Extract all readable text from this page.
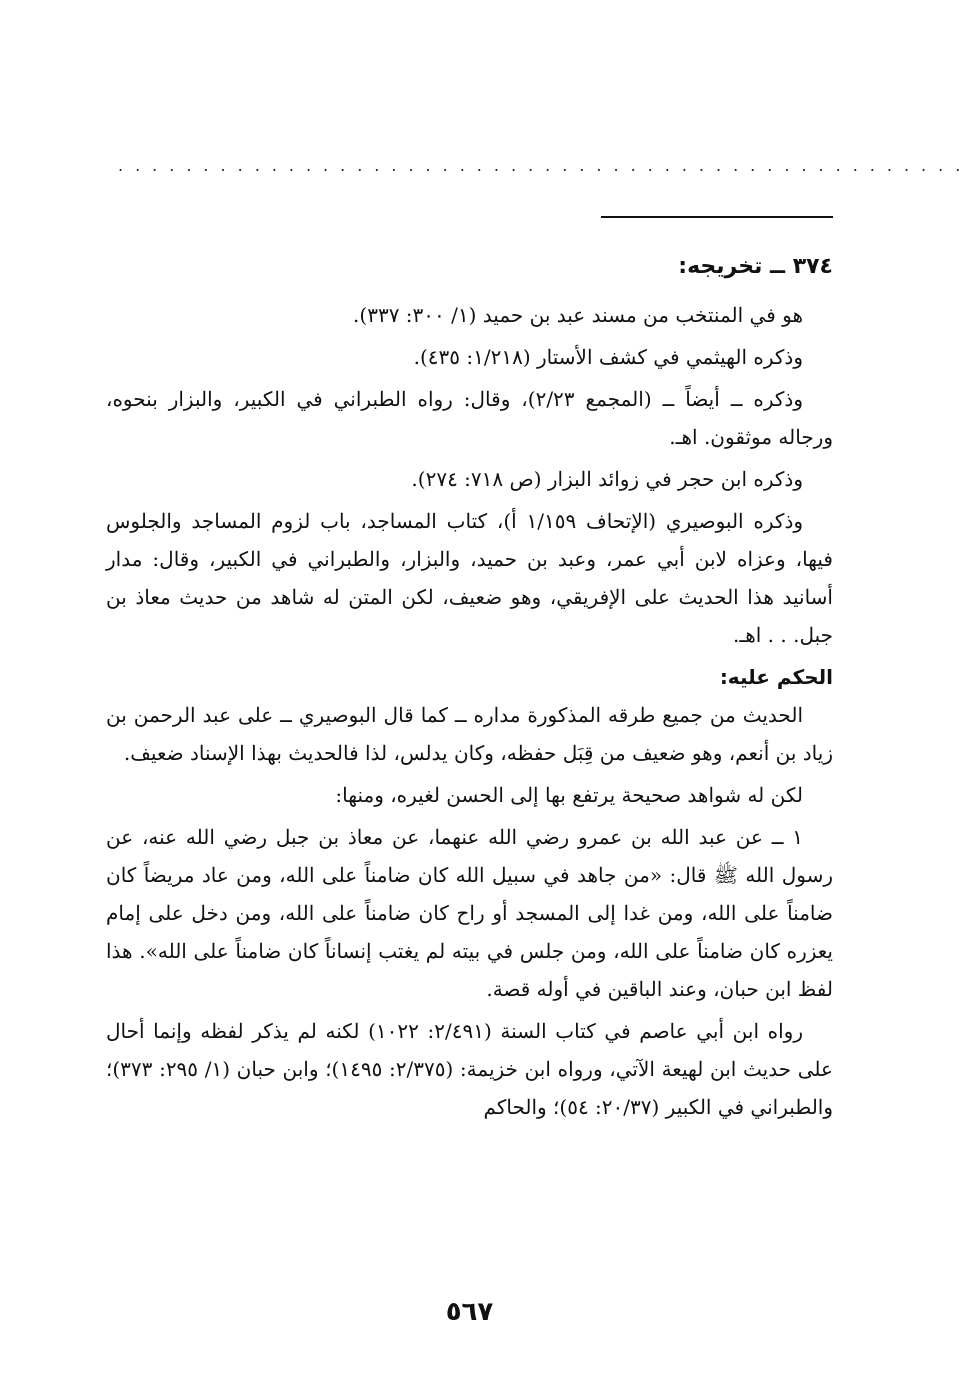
..................................................
٣٧٤ ــ تخريجه:

هو في المنتخب من مسند عبد بن حميد (١/ ٣٠٠: ٣٣٧).

وذكره الهيثمي في كشف الأستار (١/٢١٨: ٤٣٥).

وذكره ــ أيضاً ــ (المجمع ٢/٢٣)، وقال: رواه الطبراني في الكبير، والبزار بنحوه، ورجاله موثقون. اهـ.

وذكره ابن حجر في زوائد البزار (ص ٧١٨: ٢٧٤).

وذكره البوصيري (الإتحاف ١/١٥٩ أ)، كتاب المساجد، باب لزوم المساجد والجلوس فيها، وعزاه لابن أبي عمر، وعبد بن حميد، والبزار، والطبراني في الكبير، وقال: مدار أسانيد هذا الحديث على الإفريقي، وهو ضعيف، لكن المتن له شاهد من حديث معاذ بن جبل. . . اهـ.

الحكم عليه:

الحديث من جميع طرقه المذكورة مداره ــ كما قال البوصيري ــ على عبد الرحمن بن زياد بن أنعم، وهو ضعيف من قِبَل حفظه، وكان يدلس، لذا فالحديث بهذا الإسناد ضعيف.

لكن له شواهد صحيحة يرتفع بها إلى الحسن لغيره، ومنها:

١ ــ عن عبد الله بن عمرو رضي الله عنهما، عن معاذ بن جبل رضي الله عنه، عن رسول الله ﷺ قال: «من جاهد في سبيل الله كان ضامناً على الله، ومن عاد مريضاً كان ضامناً على الله، ومن غدا إلى المسجد أو راح كان ضامناً على الله، ومن دخل على إمام يعزره كان ضامناً على الله، ومن جلس في بيته لم يغتب إنساناً كان ضامناً على الله». هذا لفظ ابن حبان، وعند الباقين في أوله قصة.

رواه ابن أبي عاصم في كتاب السنة (٢/٤٩١: ١٠٢٢) لكنه لم يذكر لفظه وإنما أحال على حديث ابن لهيعة الآتي، ورواه ابن خزيمة: (٢/٣٧٥: ١٤٩٥)؛ وابن حبان (١/ ٢٩٥: ٣٧٣)؛ والطبراني في الكبير (٢٠/٣٧: ٥٤)؛ والحاكم

٥٦٧
